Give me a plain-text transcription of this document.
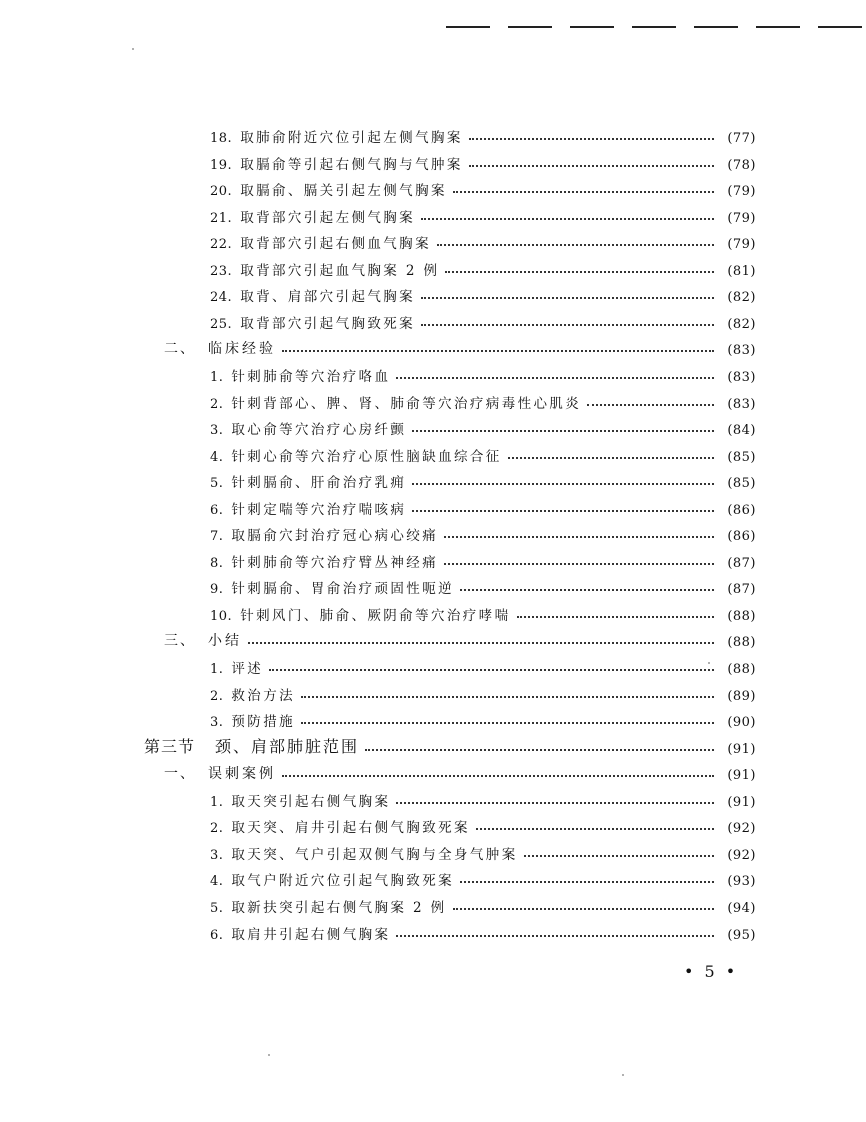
18. 取肺俞附近穴位引起左侧气胸案	(77)
19. 取膈俞等引起右侧气胸与气肿案	(78)
20. 取膈俞、膈关引起左侧气胸案	(79)
21. 取背部穴引起左侧气胸案	(79)
22. 取背部穴引起右侧血气胸案	(79)
23. 取背部穴引起血气胸案 2 例	(81)
24. 取背、肩部穴引起气胸案	(82)
25. 取背部穴引起气胸致死案	(82)
二、 临床经验	(83)
1. 针刺肺俞等穴治疗咯血	(83)
2. 针刺背部心、脾、肾、肺俞等穴治疗病毒性心肌炎	(83)
3. 取心俞等穴治疗心房纤颤	(84)
4. 针刺心俞等穴治疗心原性脑缺血综合征	(85)
5. 针刺膈俞、肝俞治疗乳痈	(85)
6. 针刺定喘等穴治疗喘咳病	(86)
7. 取膈俞穴封治疗冠心病心绞痛	(86)
8. 针刺肺俞等穴治疗臂丛神经痛	(87)
9. 针刺膈俞、胃俞治疗顽固性呃逆	(87)
10. 针刺风门、肺俞、厥阴俞等穴治疗哮喘	(88)
三、 小结	(88)
1. 评述	(88)
2. 救治方法	(89)
3. 预防措施	(90)
第三节 颈、肩部肺脏范围	(91)
一、 误刺案例	(91)
1. 取天突引起右侧气胸案	(91)
2. 取天突、肩井引起右侧气胸致死案	(92)
3. 取天突、气户引起双侧气胸与全身气肿案	(92)
4. 取气户附近穴位引起气胸致死案	(93)
5. 取新扶突引起右侧气胸案 2 例	(94)
6. 取肩井引起右侧气胸案	(95)
• 5 •
